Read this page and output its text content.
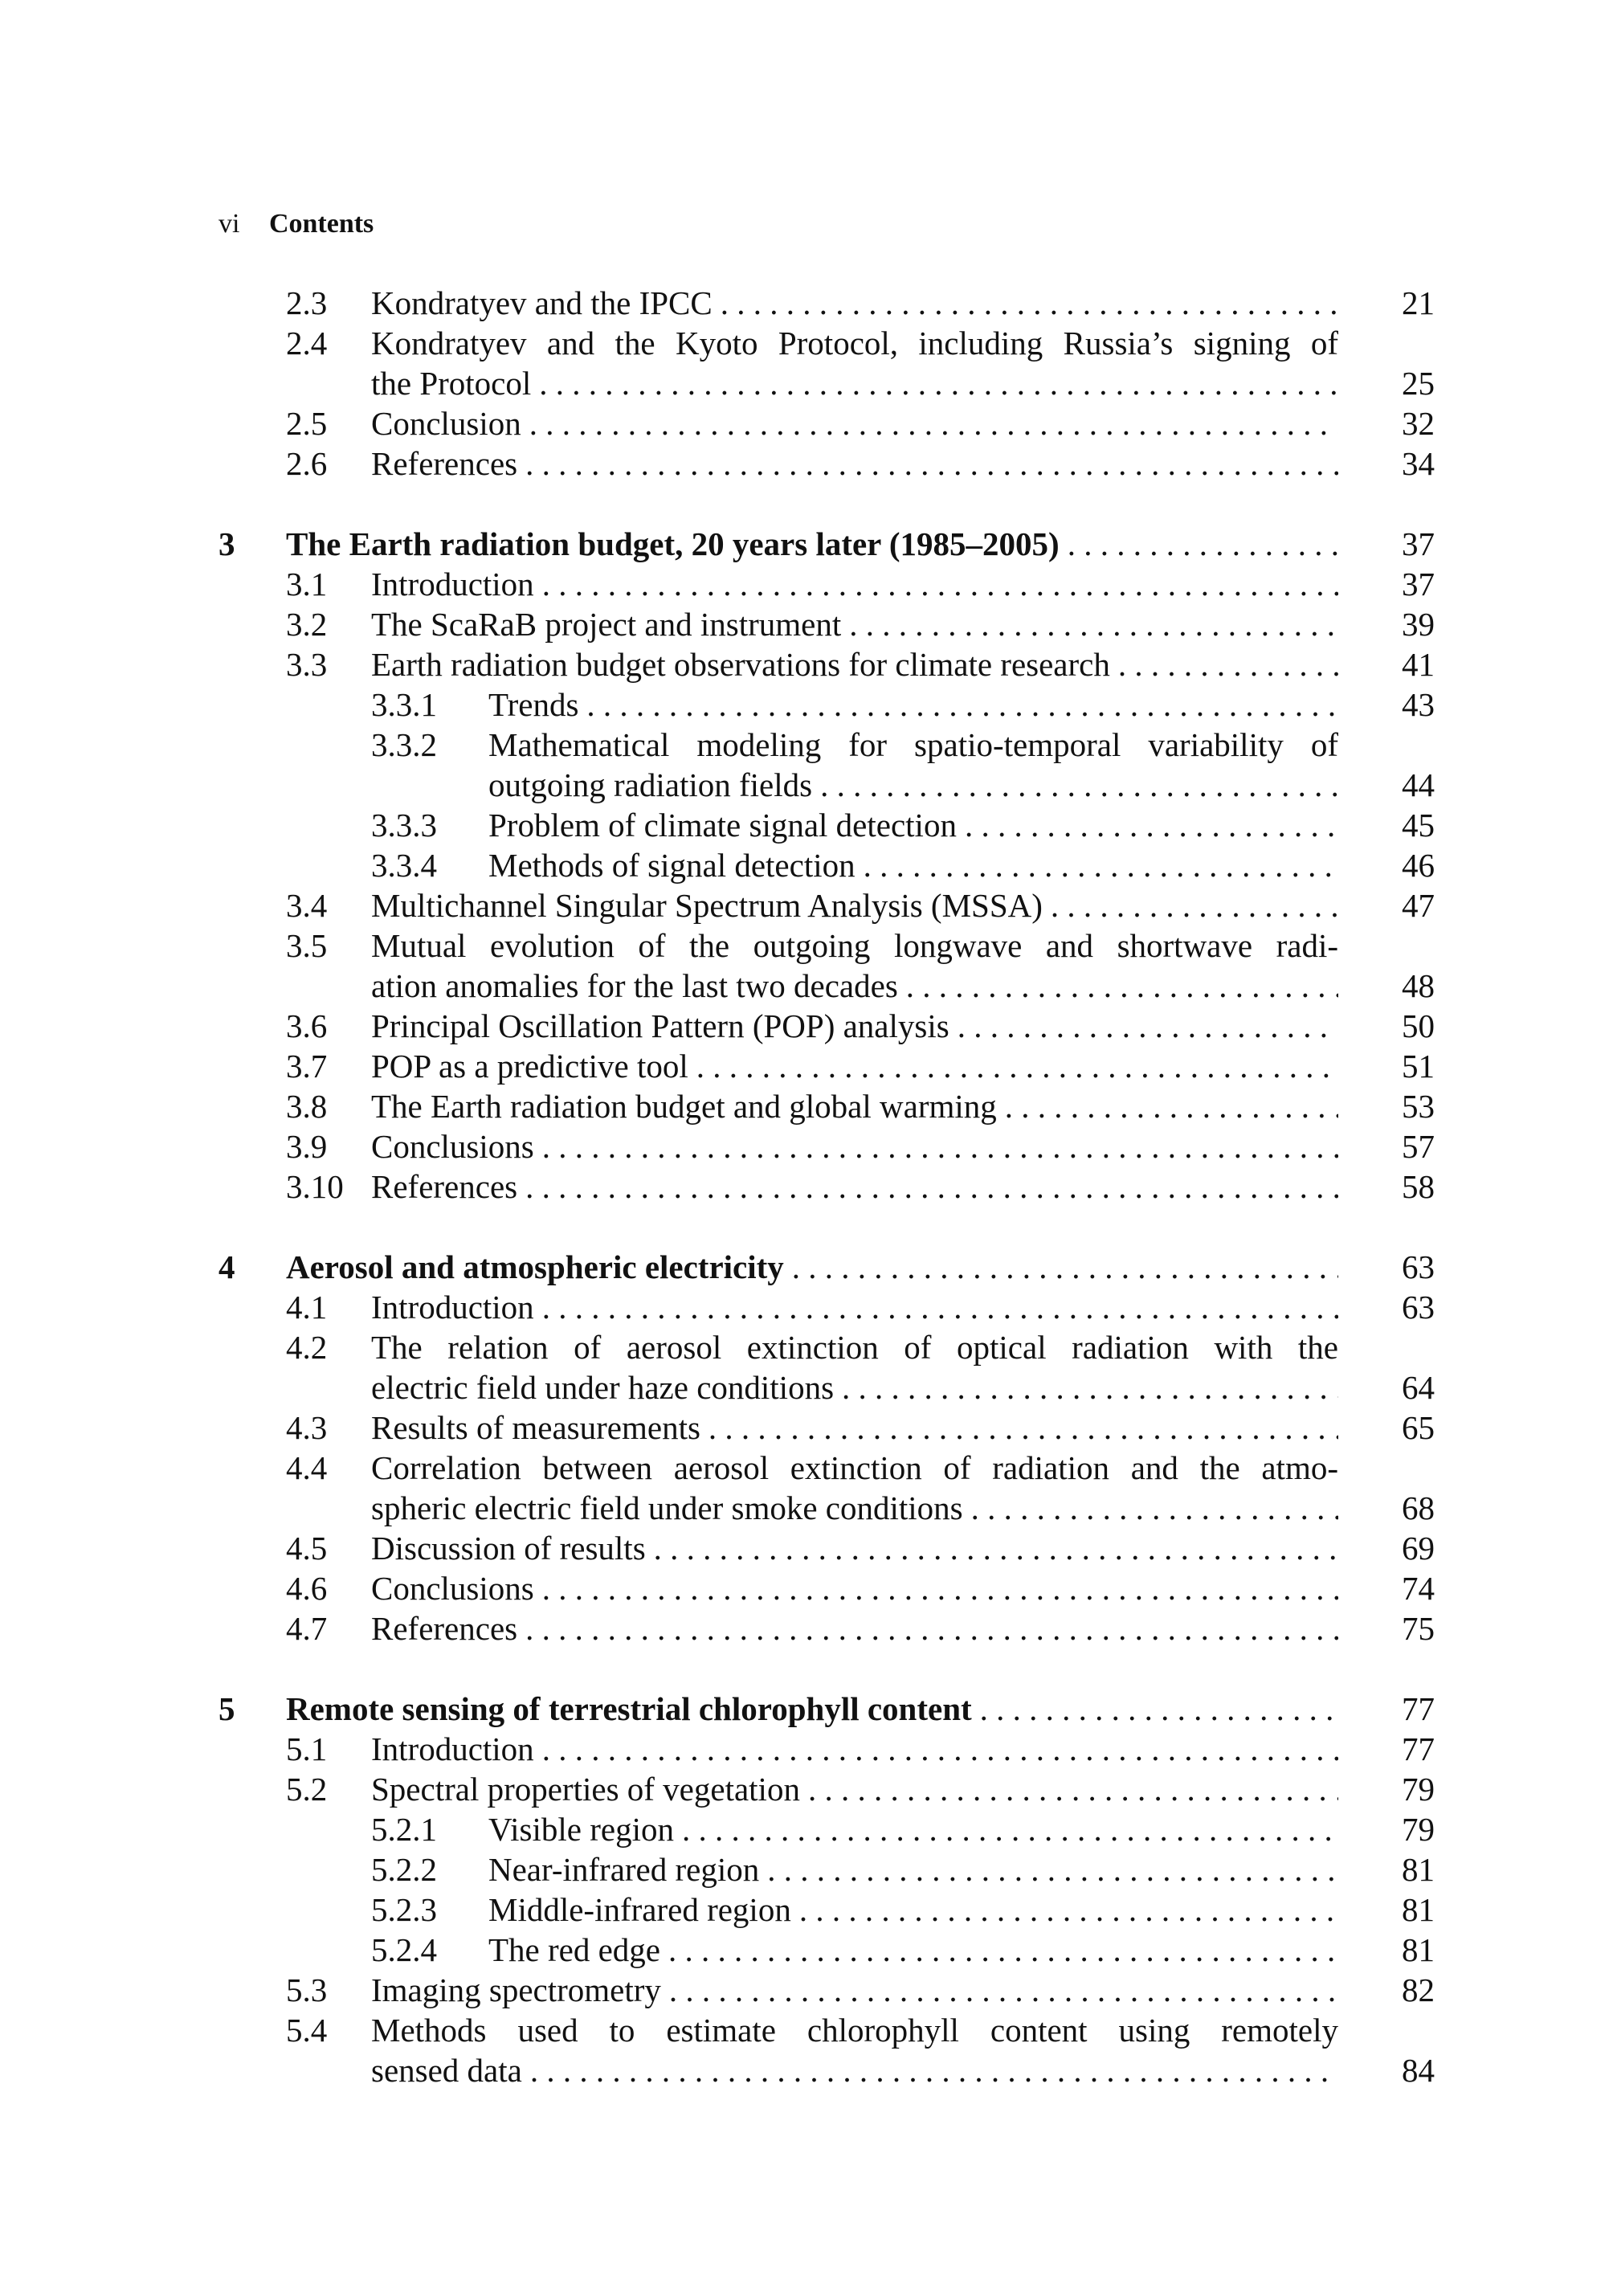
vi Contents
2.3 Kondratyev and the IPCC . . .	21
2.4 Kondratyev and the Kyoto Protocol, including Russia’s signing of
the Protocol . . .	25
2.5 Conclusion . . .	32
2.6 References . . .	34
3 The Earth radiation budget, 20 years later (1985–2005) . . .	37
3.1 Introduction . . .	37
3.2 The ScaRaB project and instrument . . .	39
3.3 Earth radiation budget observations for climate research . . .	41
3.3.1 Trends . . .	43
3.3.2 Mathematical modeling for spatio-temporal variability of
outgoing radiation fields . . .	44
3.3.3 Problem of climate signal detection . . .	45
3.3.4 Methods of signal detection . . .	46
3.4 Multichannel Singular Spectrum Analysis (MSSA) . . .	47
3.5 Mutual evolution of the outgoing longwave and shortwave radi-
ation anomalies for the last two decades . . .	48
3.6 Principal Oscillation Pattern (POP) analysis . . .	50
3.7 POP as a predictive tool . . .	51
3.8 The Earth radiation budget and global warming . . .	53
3.9 Conclusions . . .	57
3.10 References . . .	58
4 Aerosol and atmospheric electricity . . .	63
4.1 Introduction . . .	63
4.2 The relation of aerosol extinction of optical radiation with the
electric field under haze conditions . . .	64
4.3 Results of measurements . . .	65
4.4 Correlation between aerosol extinction of radiation and the atmo-
spheric electric field under smoke conditions . . .	68
4.5 Discussion of results . . .	69
4.6 Conclusions . . .	74
4.7 References . . .	75
5 Remote sensing of terrestrial chlorophyll content . . .	77
5.1 Introduction . . .	77
5.2 Spectral properties of vegetation . . .	79
5.2.1 Visible region . . .	79
5.2.2 Near-infrared region . . .	81
5.2.3 Middle-infrared region . . .	81
5.2.4 The red edge . . .	81
5.3 Imaging spectrometry . . .	82
5.4 Methods used to estimate chlorophyll content using remotely
sensed data . . .	84
